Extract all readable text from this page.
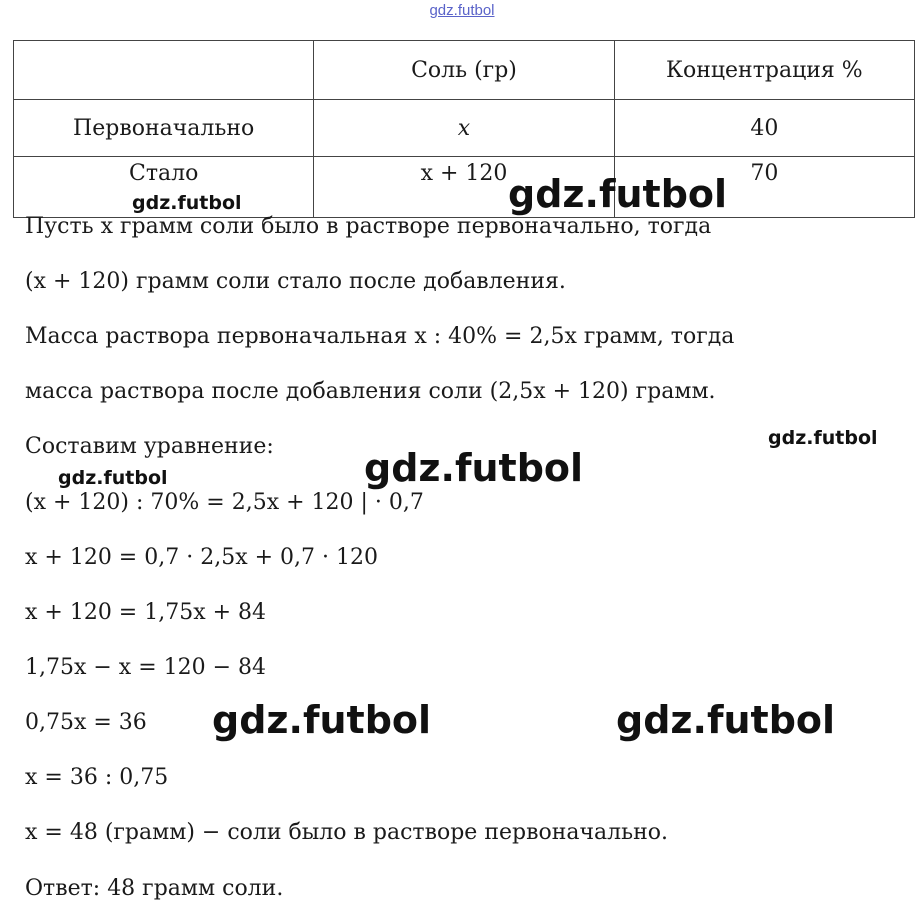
gdz.futbol
	Соль (гр)	Концентрация %
Первоначально	x	40
Стало	x + 120	70
Пусть x грамм соли было в растворе первоначально, тогда
(x + 120) грамм соли стало после добавления.
Масса раствора первоначальная x : 40% = 2,5x грамм, тогда
масса раствора после добавления соли (2,5x + 120) грамм.
Составим уравнение:
(x + 120) : 70% = 2,5x + 120 | · 0,7
x + 120 = 0,7 · 2,5x + 0,7 · 120
x + 120 = 1,75x + 84
1,75x − x = 120 − 84
0,75x = 36
x = 36 : 0,75
x = 48 (грамм) − соли было в растворе первоначально.
Ответ: 48 грамм соли.
gdz.futbol	gdz.futbol
gdz.futbol
gdz.futbol	gdz.futbol
gdz.futbol	gdz.futbol
